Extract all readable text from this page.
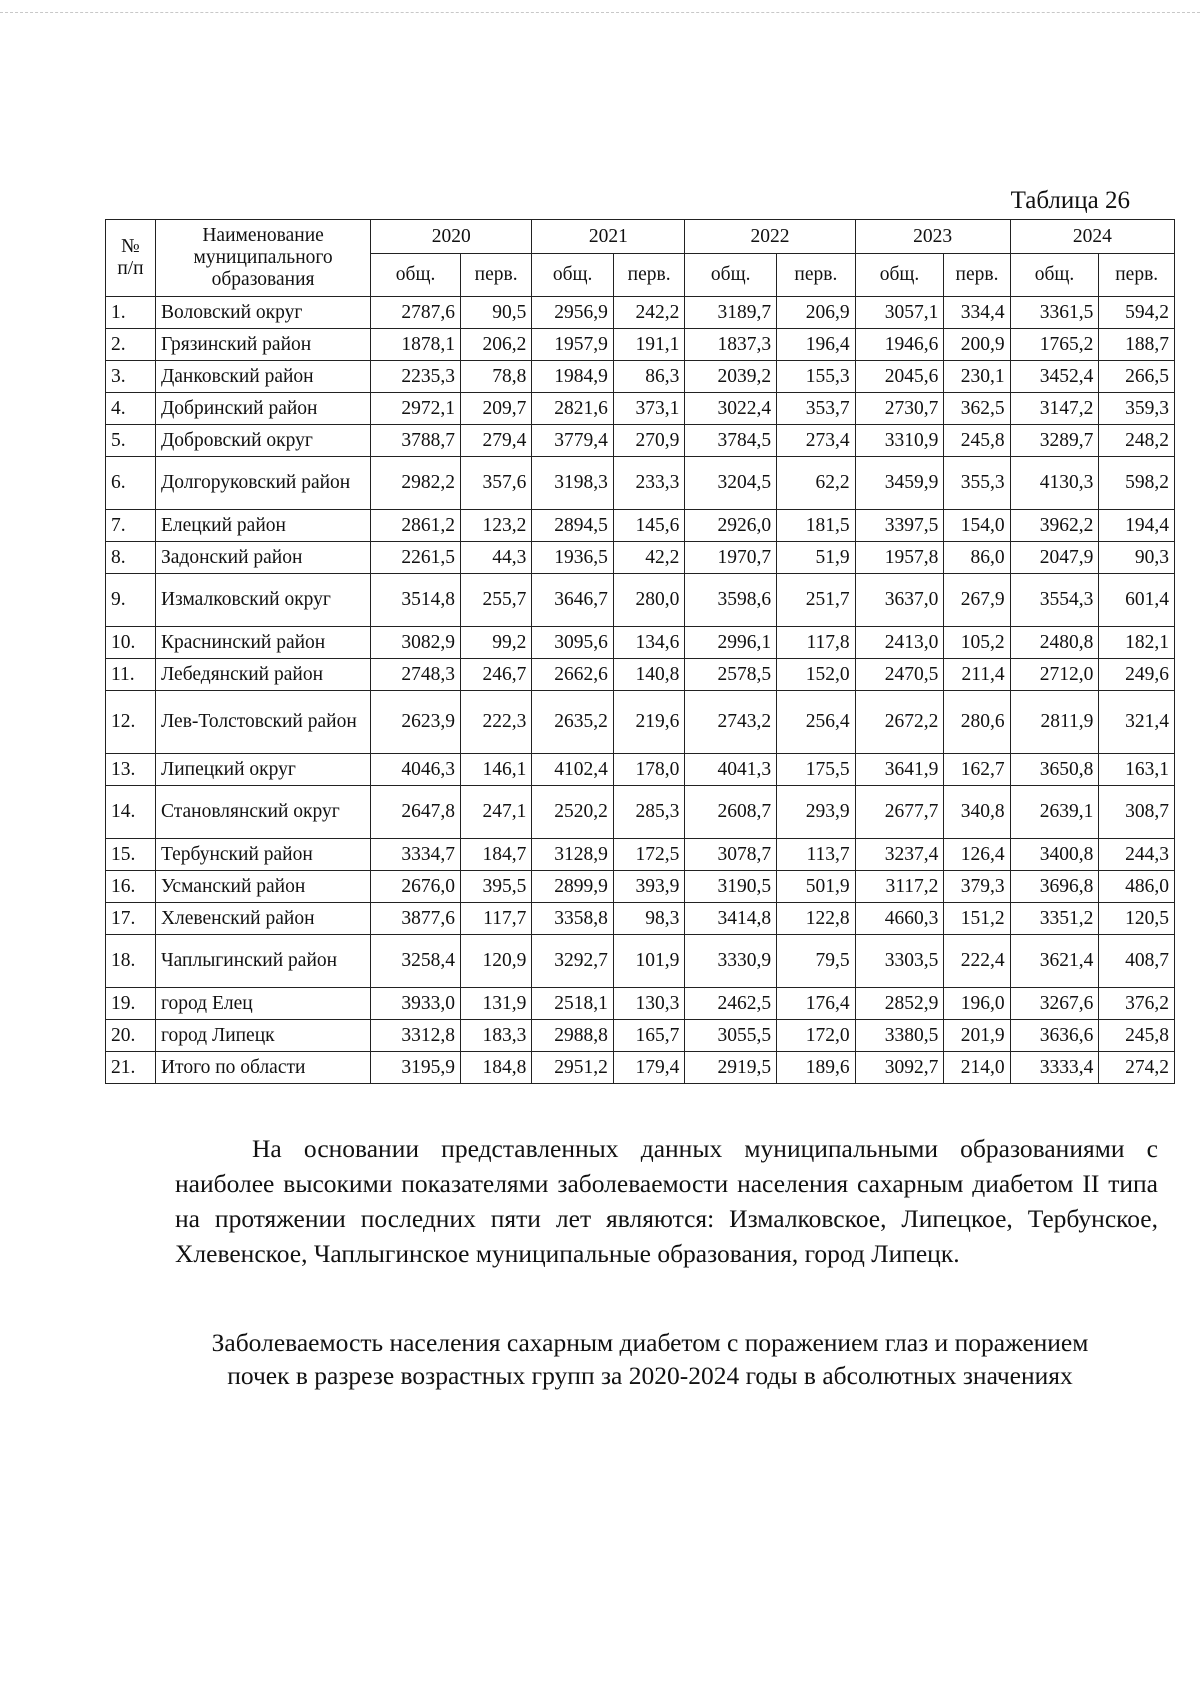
Таблица 26
№ п/п	Наименование муниципального образования	2020		2021		2022		2023		2024	
		общ.	перв.	общ.	перв.	общ.	перв.	общ.	перв.	общ.	перв.
1.	Воловский округ	2787,6	90,5	2956,9	242,2	3189,7	206,9	3057,1	334,4	3361,5	594,2
2.	Грязинский район	1878,1	206,2	1957,9	191,1	1837,3	196,4	1946,6	200,9	1765,2	188,7
3.	Данковский район	2235,3	78,8	1984,9	86,3	2039,2	155,3	2045,6	230,1	3452,4	266,5
4.	Добринский район	2972,1	209,7	2821,6	373,1	3022,4	353,7	2730,7	362,5	3147,2	359,3
5.	Добровский округ	3788,7	279,4	3779,4	270,9	3784,5	273,4	3310,9	245,8	3289,7	248,2
6.	Долгоруковский район	2982,2	357,6	3198,3	233,3	3204,5	62,2	3459,9	355,3	4130,3	598,2
7.	Елецкий район	2861,2	123,2	2894,5	145,6	2926,0	181,5	3397,5	154,0	3962,2	194,4
8.	Задонский район	2261,5	44,3	1936,5	42,2	1970,7	51,9	1957,8	86,0	2047,9	90,3
9.	Измалковский округ	3514,8	255,7	3646,7	280,0	3598,6	251,7	3637,0	267,9	3554,3	601,4
10.	Краснинский район	3082,9	99,2	3095,6	134,6	2996,1	117,8	2413,0	105,2	2480,8	182,1
11.	Лебедянский район	2748,3	246,7	2662,6	140,8	2578,5	152,0	2470,5	211,4	2712,0	249,6
12.	Лев-Толстовский район	2623,9	222,3	2635,2	219,6	2743,2	256,4	2672,2	280,6	2811,9	321,4
13.	Липецкий округ	4046,3	146,1	4102,4	178,0	4041,3	175,5	3641,9	162,7	3650,8	163,1
14.	Становлянский округ	2647,8	247,1	2520,2	285,3	2608,7	293,9	2677,7	340,8	2639,1	308,7
15.	Тербунский район	3334,7	184,7	3128,9	172,5	3078,7	113,7	3237,4	126,4	3400,8	244,3
16.	Усманский район	2676,0	395,5	2899,9	393,9	3190,5	501,9	3117,2	379,3	3696,8	486,0
17.	Хлевенский район	3877,6	117,7	3358,8	98,3	3414,8	122,8	4660,3	151,2	3351,2	120,5
18.	Чаплыгинский район	3258,4	120,9	3292,7	101,9	3330,9	79,5	3303,5	222,4	3621,4	408,7
19.	город Елец	3933,0	131,9	2518,1	130,3	2462,5	176,4	2852,9	196,0	3267,6	376,2
20.	город Липецк	3312,8	183,3	2988,8	165,7	3055,5	172,0	3380,5	201,9	3636,6	245,8
21.	Итого по области	3195,9	184,8	2951,2	179,4	2919,5	189,6	3092,7	214,0	3333,4	274,2

На основании представленных данных муниципальными образованиями с наиболее высокими показателями заболеваемости населения сахарным диабетом II типа на протяжении последних пяти лет являются: Измалковское, Липецкое, Тербунское, Хлевенское, Чаплыгинское муниципальные образования, город Липецк.

Заболеваемость населения сахарным диабетом с поражением глаз и поражением
почек в разрезе возрастных групп за 2020-2024 годы в абсолютных значениях
